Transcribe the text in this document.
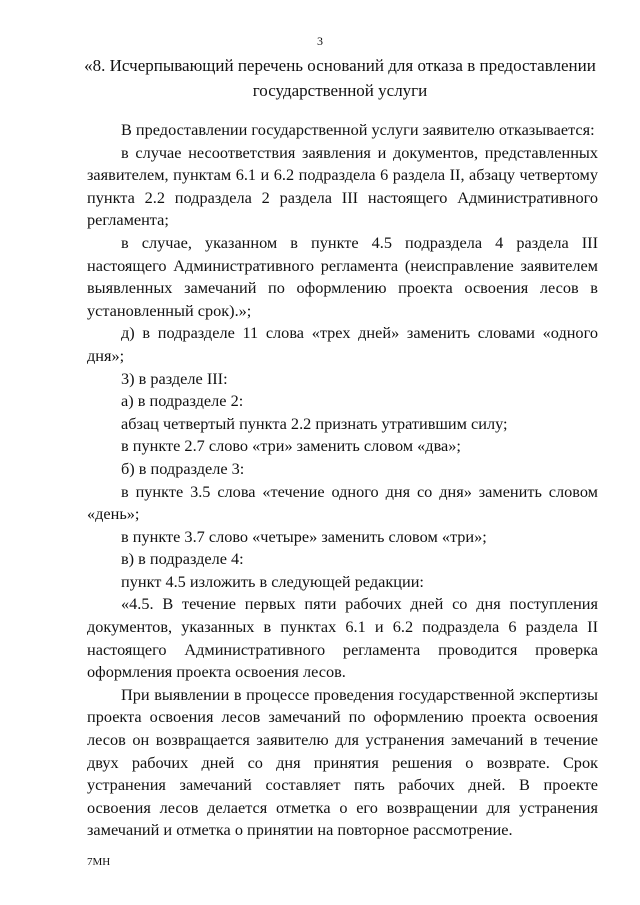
3
«8. Исчерпывающий перечень оснований для отказа в предоставлении государственной услуги

В предоставлении государственной услуги заявителю отказывается:

в случае несоответствия заявления и документов, представленных заявителем, пунктам 6.1 и 6.2 подраздела 6 раздела II, абзацу четвертому пункта 2.2 подраздела 2 раздела III настоящего Административного регламента;

в случае, указанном в пункте 4.5 подраздела 4 раздела III настоящего Административного регламента (неисправление заявителем выявленных замечаний по оформлению проекта освоения лесов в установленный срок).»;

д) в подразделе 11 слова «трех дней» заменить словами «одного дня»;

3) в разделе III:

а) в подразделе 2:

абзац четвертый пункта 2.2 признать утратившим силу;

в пункте 2.7 слово «три» заменить словом «два»;

б) в подразделе 3:

в пункте 3.5 слова «течение одного дня со дня» заменить словом «день»;

в пункте 3.7 слово «четыре» заменить словом «три»;

в) в подразделе 4:

пункт 4.5 изложить в следующей редакции:

«4.5. В течение первых пяти рабочих дней со дня поступления документов, указанных в пунктах 6.1 и 6.2 подраздела 6 раздела II настоящего Административного регламента проводится проверка оформления проекта освоения лесов.

При выявлении в процессе проведения государственной экспертизы проекта освоения лесов замечаний по оформлению проекта освоения лесов он возвращается заявителю для устранения замечаний в течение двух рабочих дней со дня принятия решения о возврате. Срок устранения замечаний составляет пять рабочих дней. В проекте освоения лесов делается отметка о его возвращении для устранения замечаний и отметка о принятии на повторное рассмотрение.

7МН
